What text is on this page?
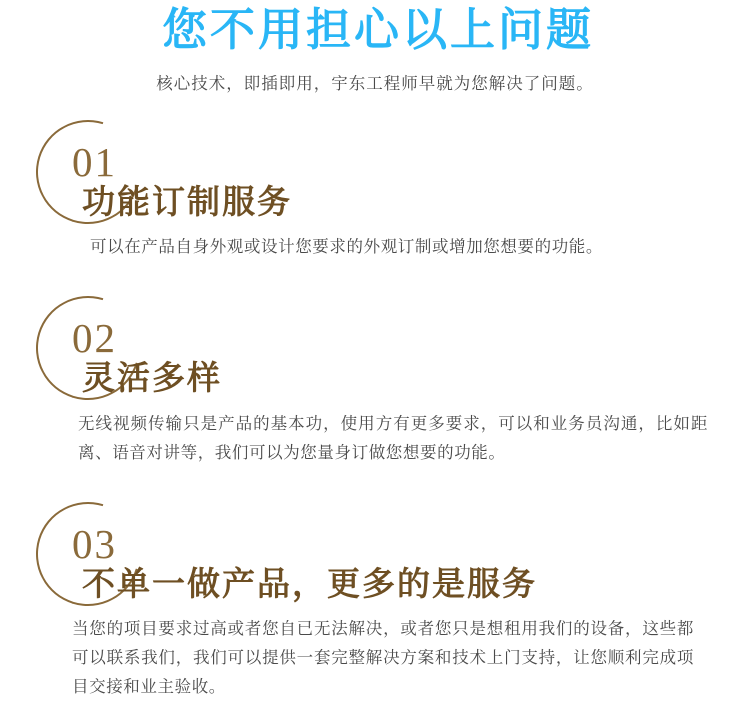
您不用担心以上问题
核心技术，即插即用，宇东工程师早就为您解决了问题。
01
功能订制服务

可以在产品自身外观或设计您要求的外观订制或增加您想要的功能。

02
灵活多样

无线视频传输只是产品的基本功，使用方有更多要求，可以和业务员沟通，比如距离、语音对讲等，我们可以为您量身订做您想要的功能。

03
不单一做产品，更多的是服务

当您的项目要求过高或者您自已无法解决，或者您只是想租用我们的设备，这些都可以联系我们，我们可以提供一套完整解决方案和技术上门支持，让您顺利完成项目交接和业主验收。
